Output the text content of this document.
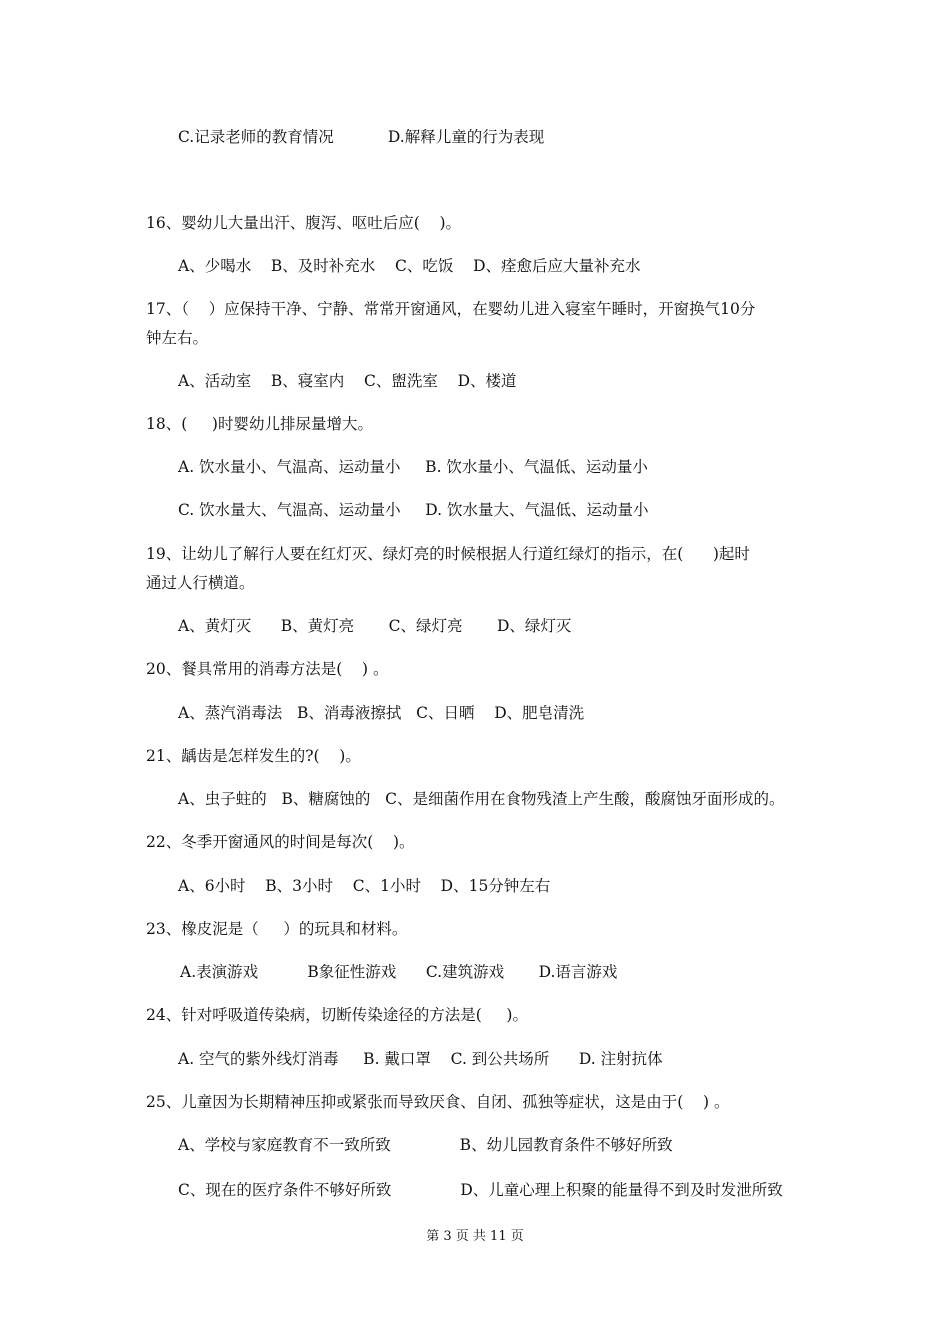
C.记录老师的教育情况           D.解释儿童的行为表现
16、婴幼儿大量出汗、腹泻、呕吐后应(    )。
A、少喝水    B、及时补充水    C、吃饭    D、痊愈后应大量补充水
17、（    ）应保持干净、宁静、常常开窗通风，在婴幼儿进入寝室午睡时，开窗换气10分
钟左右。
A、活动室    B、寝室内    C、盥洗室    D、楼道
18、(     )时婴幼儿排尿量增大。
A. 饮水量小、气温高、运动量小     B. 饮水量小、气温低、运动量小
C. 饮水量大、气温高、运动量小     D. 饮水量大、气温低、运动量小
19、让幼儿了解行人要在红灯灭、绿灯亮的时候根据人行道红绿灯的指示，在(      )起时
通过人行横道。
A、黄灯灭      B、黄灯亮       C、绿灯亮       D、绿灯灭
20、餐具常用的消毒方法是(    ) 。
A、蒸汽消毒法   B、消毒液擦拭   C、日晒    D、肥皂清洗
21、龋齿是怎样发生的?(    )。
A、虫子蛀的   B、糖腐蚀的   C、是细菌作用在食物残渣上产生酸，酸腐蚀牙面形成的。
22、冬季开窗通风的时间是每次(    )。
A、6小时    B、3小时    C、1小时    D、15分钟左右
23、橡皮泥是（     ）的玩具和材料。
A.表演游戏          B象征性游戏      C.建筑游戏       D.语言游戏
24、针对呼吸道传染病，切断传染途径的方法是(     )。
A. 空气的紫外线灯消毒     B. 戴口罩    C. 到公共场所      D. 注射抗体
25、儿童因为长期精神压抑或紧张而导致厌食、自闭、孤独等症状，这是由于(    ) 。
A、学校与家庭教育不一致所致              B、幼儿园教育条件不够好所致
C、现在的医疗条件不够好所致              D、儿童心理上积聚的能量得不到及时发泄所致
第 3 页 共 11 页
